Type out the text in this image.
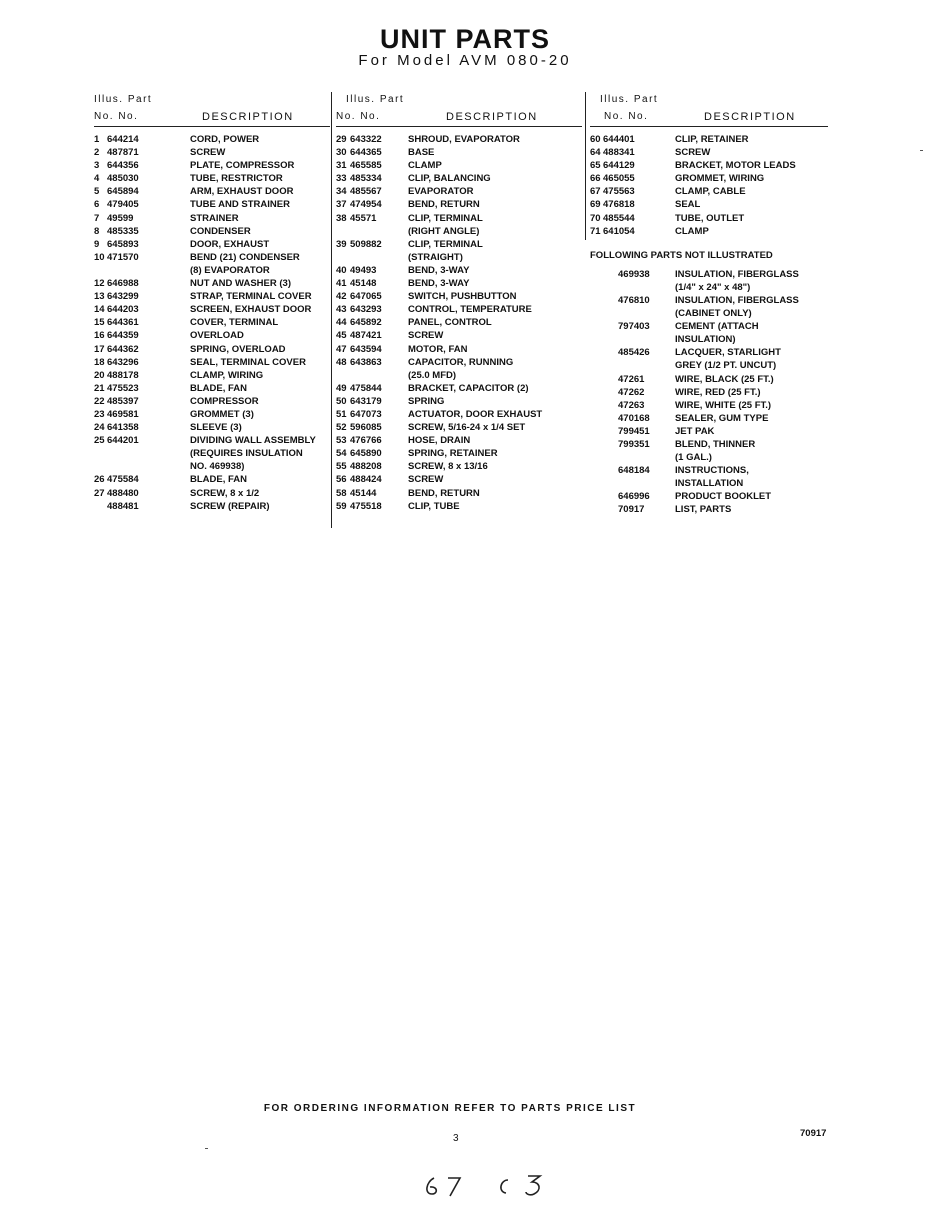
UNIT PARTS
For Model AVM 080-20
Illus. Part
No. No.	DESCRIPTION
1 644214	CORD, POWER
2 487871	SCREW
3 644356	PLATE, COMPRESSOR
4 485030	TUBE, RESTRICTOR
5 645894	ARM, EXHAUST DOOR
6 479405	TUBE AND STRAINER
7 49599	STRAINER
8 485335	CONDENSER
9 645893	DOOR, EXHAUST
10 471570	BEND (21) CONDENSER
(8) EVAPORATOR
12 646988	NUT AND WASHER (3)
13 643299	STRAP, TERMINAL COVER
14 644203	SCREEN, EXHAUST DOOR
15 644361	COVER, TERMINAL
16 644359	OVERLOAD
17 644362	SPRING, OVERLOAD
18 643296	SEAL, TERMINAL COVER
20 488178	CLAMP, WIRING
21 475523	BLADE, FAN
22 485397	COMPRESSOR
23 469581	GROMMET (3)
24 641358	SLEEVE (3)
25 644201	DIVIDING WALL ASSEMBLY
(REQUIRES INSULATION
NO. 469938)
26 475584	BLADE, FAN
27 488480	SCREW, 8 x 1/2
488481	SCREW (REPAIR)
Illus. Part
No. No.	DESCRIPTION
29 643322	SHROUD, EVAPORATOR
30 644365	BASE
31 465585	CLAMP
33 485334	CLIP, BALANCING
34 485567	EVAPORATOR
37 474954	BEND, RETURN
38 45571	CLIP, TERMINAL
(RIGHT ANGLE)
39 509882	CLIP, TERMINAL
(STRAIGHT)
40 49493	BEND, 3-WAY
41 45148	BEND, 3-WAY
42 647065	SWITCH, PUSHBUTTON
43 643293	CONTROL, TEMPERATURE
44 645892	PANEL, CONTROL
45 487421	SCREW
47 643594	MOTOR, FAN
48 643863	CAPACITOR, RUNNING
(25.0 MFD)
49 475844	BRACKET, CAPACITOR (2)
50 643179	SPRING
51 647073	ACTUATOR, DOOR EXHAUST
52 596085	SCREW, 5/16-24 x 1/4 SET
53 476766	HOSE, DRAIN
54 645890	SPRING, RETAINER
55 488208	SCREW, 8 x 13/16
56 488424	SCREW
58 45144	BEND, RETURN
59 475518	CLIP, TUBE
Illus. Part
No. No.	DESCRIPTION
60 644401	CLIP, RETAINER
64 488341	SCREW
65 644129	BRACKET, MOTOR LEADS
66 465055	GROMMET, WIRING
67 475563	CLAMP, CABLE
69 476818	SEAL
70 485544	TUBE, OUTLET
71 641054	CLAMP
FOLLOWING PARTS NOT ILLUSTRATED
469938	INSULATION, FIBERGLASS
(1/4" x 24" x 48")
476810	INSULATION, FIBERGLASS
(CABINET ONLY)
797403	CEMENT (ATTACH
INSULATION)
485426	LACQUER, STARLIGHT
GREY (1/2 PT. UNCUT)
47261	WIRE, BLACK (25 FT.)
47262	WIRE, RED (25 FT.)
47263	WIRE, WHITE (25 FT.)
470168	SEALER, GUM TYPE
799451	JET PAK
799351	BLEND, THINNER
(1 GAL.)
648184	INSTRUCTIONS,
INSTALLATION
646996	PRODUCT BOOKLET
70917	LIST, PARTS
FOR ORDERING INFORMATION REFER TO PARTS PRICE LIST
3	70917
